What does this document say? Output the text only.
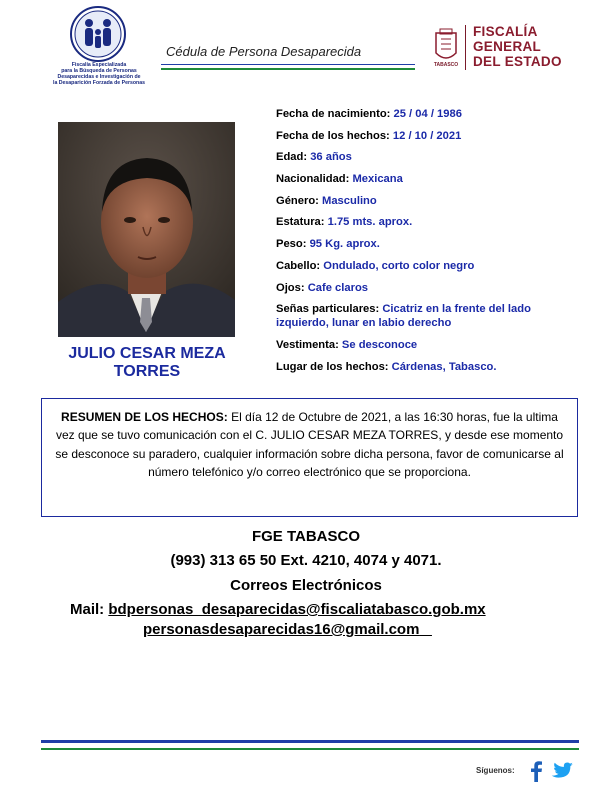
Fiscalía Especializada
para la Búsqueda de Personas
Desaparecidas e Investigación de
la Desaparición Forzada de Personas
Cédula de Persona Desaparecida
TABASCO
FISCALÍA
GENERAL
DEL ESTADO
JULIO CESAR MEZA TORRES
Fecha de nacimiento: 25 / 04 / 1986
Fecha de los hechos: 12 / 10 / 2021
Edad: 36 años
Nacionalidad: Mexicana
Género: Masculino
Estatura: 1.75 mts. aprox.
Peso: 95 Kg. aprox.
Cabello: Ondulado, corto color negro
Ojos: Cafe claros
Señas particulares: Cicatriz en la frente del lado izquierdo, lunar en labio derecho
Vestimenta: Se desconoce
Lugar de los hechos: Cárdenas, Tabasco.
RESUMEN DE LOS HECHOS: El día 12 de Octubre de 2021, a las 16:30 horas, fue la ultima vez que se tuvo comunicación con el C. JULIO CESAR MEZA TORRES, y desde ese momento se desconoce su paradero, cualquier información sobre dicha persona, favor de comunicarse al número telefónico y/o correo electrónico que se proporciona.
FGE TABASCO
(993) 313 65 50 Ext. 4210, 4074 y 4071.
Correos Electrónicos
Mail: bdpersonas_desaparecidas@fiscaliatabasco.gob.mx
personasdesaparecidas16@gmail.com
Síguenos:
